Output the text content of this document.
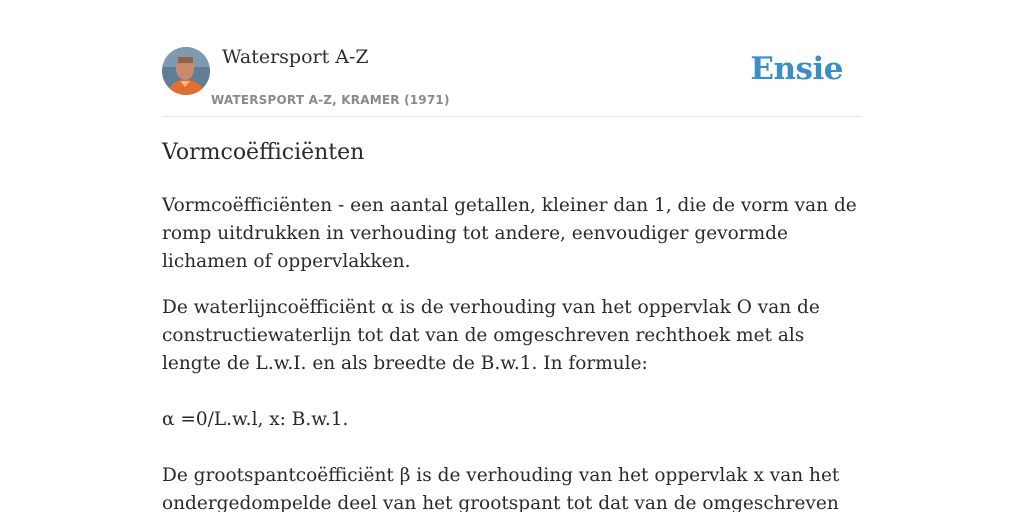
Watersport A-Z
WATERSPORT A-Z, KRAMER (1971)
Ensie
Vormcoëfficiënten

Vormcoëfficiënten - een aantal getallen, kleiner dan 1, die de vorm van de romp uitdrukken in verhouding tot andere, eenvoudiger gevormde lichamen of oppervlakken.

De waterlijncoëfficiënt α is de verhouding van het oppervlak O van de constructiewaterlijn tot dat van de omgeschreven rechthoek met als lengte de L.w.I. en als breedte de B.w.1. In formule:

α =0/L.w.l, x: B.w.1.

De grootspantcoëfficiënt β is de verhouding van het oppervlak x van het ondergedompelde deel van het grootspant tot dat van de omgeschreven
